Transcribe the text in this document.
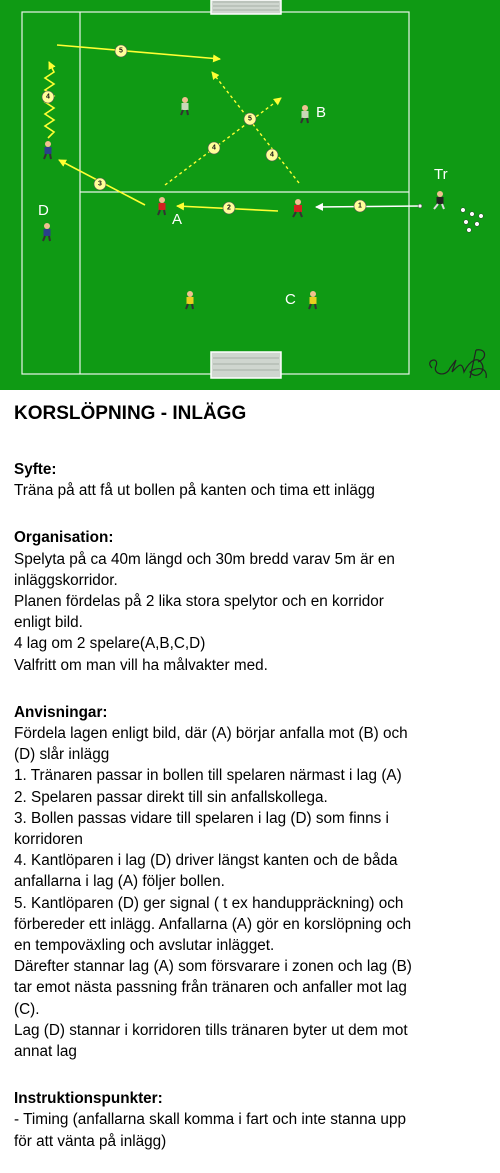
1
2
3
4
5
4
4
5
A
B
C
D
Tr
KORSLÖPNING - INLÄGG
Syfte:
Träna på att få ut bollen på kanten och tima ett inlägg
Organisation:
Spelyta på ca 40m längd och 30m bredd varav 5m är en
inläggskorridor.
Planen fördelas på 2 lika stora spelytor och en korridor
enligt bild.
4 lag om 2 spelare(A,B,C,D)
Valfritt om man vill ha målvakter med.
Anvisningar:
Fördela lagen enligt bild, där (A) börjar anfalla mot (B) och
(D) slår inlägg
1. Tränaren passar in bollen till spelaren närmast i lag (A)
2. Spelaren passar direkt till sin anfallskollega.
3. Bollen passas vidare till spelaren i lag (D) som finns i
korridoren
4. Kantlöparen i lag (D) driver längst kanten och de båda
anfallarna i lag (A) följer bollen.
5. Kantlöparen (D) ger signal ( t ex handuppräckning) och
förbereder ett inlägg. Anfallarna (A) gör en korslöpning och
en tempoväxling och avslutar inlägget.
Därefter stannar lag (A) som försvarare i zonen och lag (B)
tar emot nästa passning från tränaren och anfaller mot lag
(C).
Lag (D) stannar i korridoren tills tränaren byter ut dem mot
annat lag
Instruktionspunkter:
- Timing (anfallarna skall komma i fart och inte stanna upp
för att vänta på inlägg)
